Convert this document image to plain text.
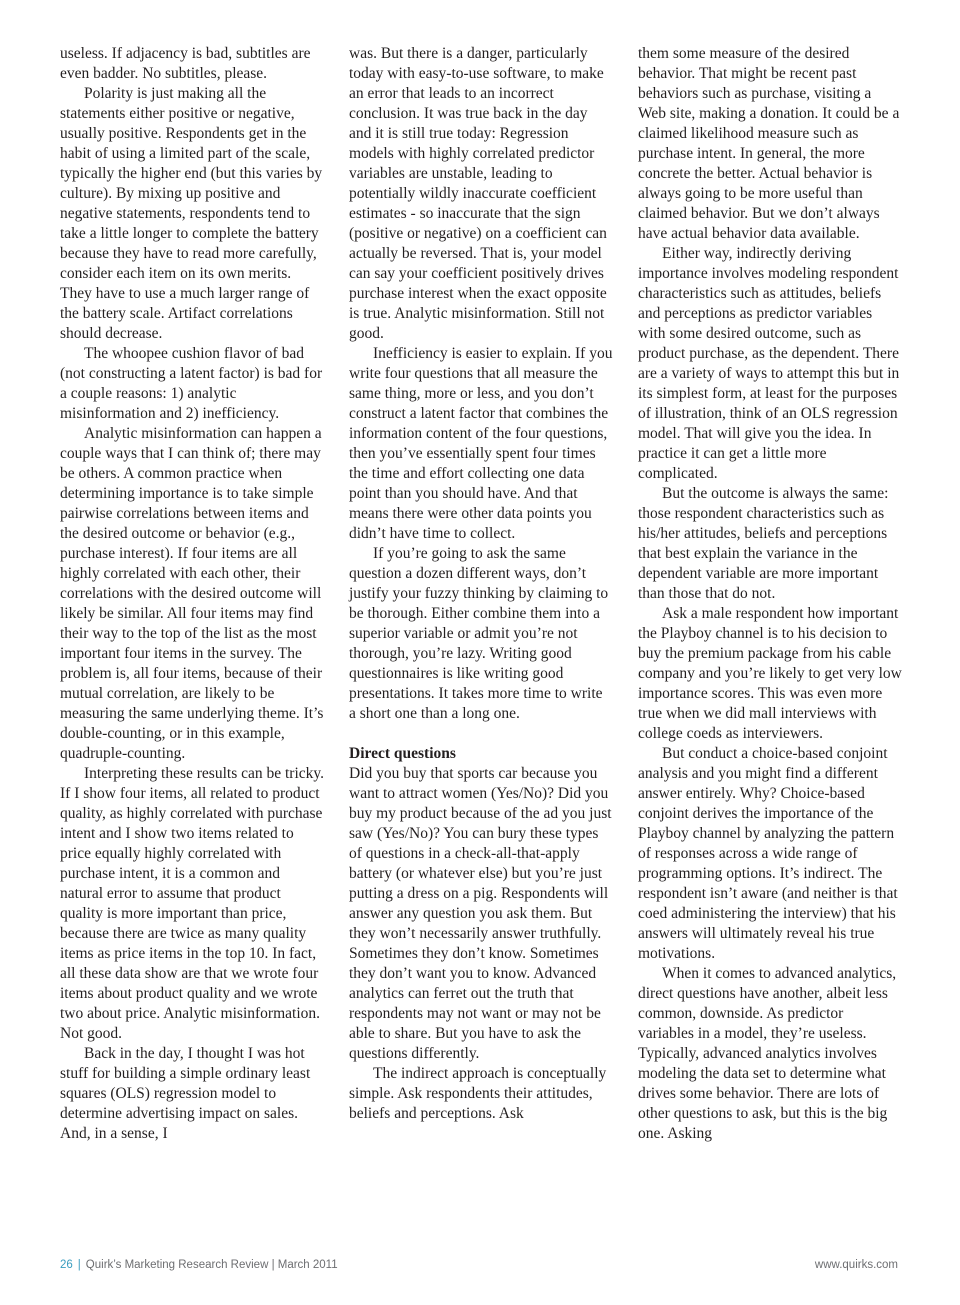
useless. If adjacency is bad, subtitles are even badder. No subtitles, please.

Polarity is just making all the statements either positive or negative, usually positive. Respondents get in the habit of using a limited part of the scale, typically the higher end (but this varies by culture). By mixing up positive and negative statements, respondents tend to take a little longer to complete the battery because they have to read more carefully, consider each item on its own merits. They have to use a much larger range of the battery scale. Artifact correlations should decrease.

The whoopee cushion flavor of bad (not constructing a latent factor) is bad for a couple reasons: 1) analytic misinformation and 2) inefficiency.

Analytic misinformation can happen a couple ways that I can think of; there may be others. A common practice when determining importance is to take simple pairwise correlations between items and the desired outcome or behavior (e.g., purchase interest). If four items are all highly correlated with each other, their correlations with the desired outcome will likely be similar. All four items may find their way to the top of the list as the most important four items in the survey. The problem is, all four items, because of their mutual correlation, are likely to be measuring the same underlying theme. It’s double-counting, or in this example, quadruple-counting.

Interpreting these results can be tricky. If I show four items, all related to product quality, as highly correlated with purchase intent and I show two items related to price equally highly correlated with purchase intent, it is a common and natural error to assume that product quality is more important than price, because there are twice as many quality items as price items in the top 10. In fact, all these data show are that we wrote four items about product quality and we wrote two about price. Analytic misinformation. Not good.

Back in the day, I thought I was hot stuff for building a simple ordinary least squares (OLS) regression model to determine advertising impact on sales. And, in a sense, I

was. But there is a danger, particularly today with easy-to-use software, to make an error that leads to an incorrect conclusion. It was true back in the day and it is still true today: Regression models with highly correlated predictor variables are unstable, leading to potentially wildly inaccurate coefficient estimates - so inaccurate that the sign (positive or negative) on a coefficient can actually be reversed. That is, your model can say your coefficient positively drives purchase interest when the exact opposite is true. Analytic misinformation. Still not good.

Inefficiency is easier to explain. If you write four questions that all measure the same thing, more or less, and you don’t construct a latent factor that combines the information content of the four questions, then you’ve essentially spent four times the time and effort collecting one data point than you should have. And that means there were other data points you didn’t have time to collect.

If you’re going to ask the same question a dozen different ways, don’t justify your fuzzy thinking by claiming to be thorough. Either combine them into a superior variable or admit you’re not thorough, you’re lazy. Writing good questionnaires is like writing good presentations. It takes more time to write a short one than a long one.

Direct questions

Did you buy that sports car because you want to attract women (Yes/No)? Did you buy my product because of the ad you just saw (Yes/No)? You can bury these types of questions in a check-all-that-apply battery (or whatever else) but you’re just putting a dress on a pig. Respondents will answer any question you ask them. But they won’t necessarily answer truthfully. Sometimes they don’t know. Sometimes they don’t want you to know. Advanced analytics can ferret out the truth that respondents may not want or may not be able to share. But you have to ask the questions differently.

The indirect approach is conceptually simple. Ask respondents their attitudes, beliefs and perceptions. Ask

them some measure of the desired behavior. That might be recent past behaviors such as purchase, visiting a Web site, making a donation. It could be a claimed likelihood measure such as purchase intent. In general, the more concrete the better. Actual behavior is always going to be more useful than claimed behavior. But we don’t always have actual behavior data available.

Either way, indirectly deriving importance involves modeling respondent characteristics such as attitudes, beliefs and perceptions as predictor variables with some desired outcome, such as product purchase, as the dependent. There are a variety of ways to attempt this but in its simplest form, at least for the purposes of illustration, think of an OLS regression model. That will give you the idea. In practice it can get a little more complicated.

But the outcome is always the same: those respondent characteristics such as his/her attitudes, beliefs and perceptions that best explain the variance in the dependent variable are more important than those that do not.

Ask a male respondent how important the Playboy channel is to his decision to buy the premium package from his cable company and you’re likely to get very low importance scores. This was even more true when we did mall interviews with college coeds as interviewers.

But conduct a choice-based conjoint analysis and you might find a different answer entirely. Why? Choice-based conjoint derives the importance of the Playboy channel by analyzing the pattern of responses across a wide range of programming options. It’s indirect. The respondent isn’t aware (and neither is that coed administering the interview) that his answers will ultimately reveal his true motivations.

When it comes to advanced analytics, direct questions have another, albeit less common, downside. As predictor variables in a model, they’re useless. Typically, advanced analytics involves modeling the data set to determine what drives some behavior. There are lots of other questions to ask, but this is the big one. Asking

26 | Quirk’s Marketing Research Review | March 2011	www.quirks.com
